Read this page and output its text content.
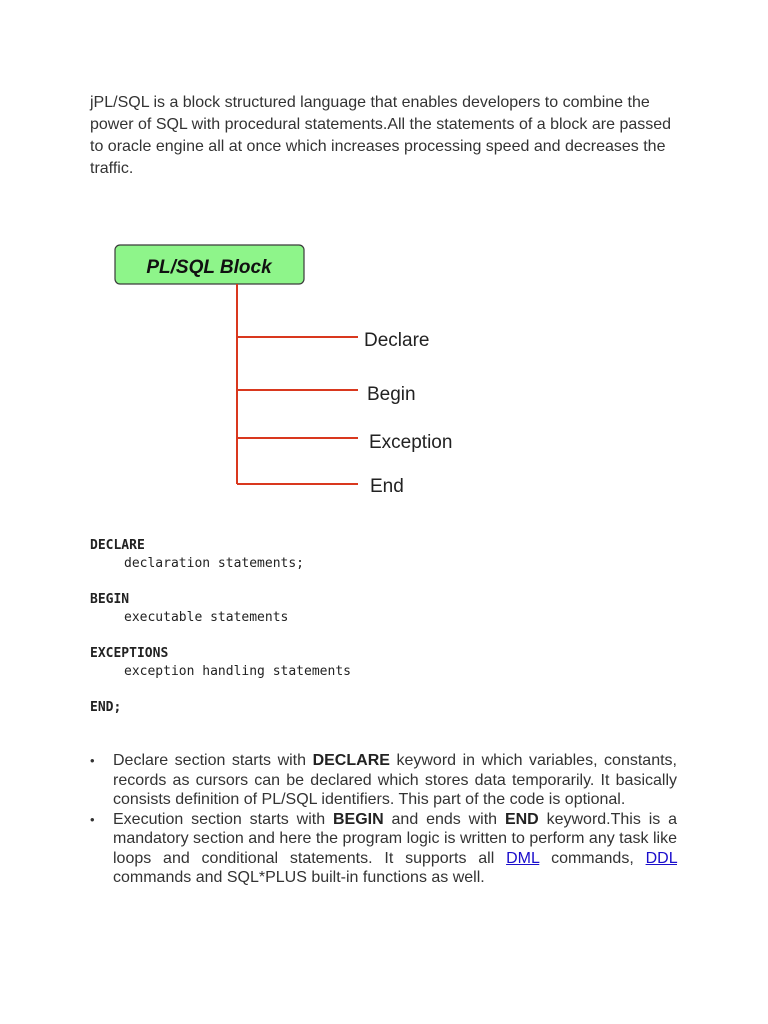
jPL/SQL is a block structured language that enables developers to combine the power of SQL with procedural statements.All the statements of a block are passed to oracle engine all at once which increases processing speed and decreases the traffic.

PL/SQL Block
Declare
Begin
Exception
End
DECLARE
declaration statements;
BEGIN
executable statements
EXCEPTIONS
exception handling statements
END;
• Declare section starts with DECLARE keyword in which variables, constants, records as cursors can be declared which stores data temporarily. It basically consists definition of PL/SQL identifiers. This part of the code is optional.
• Execution section starts with BEGIN and ends with END keyword.This is a mandatory section and here the program logic is written to perform any task like loops and conditional statements. It supports all DML commands, DDL commands and SQL*PLUS built-in functions as well.
